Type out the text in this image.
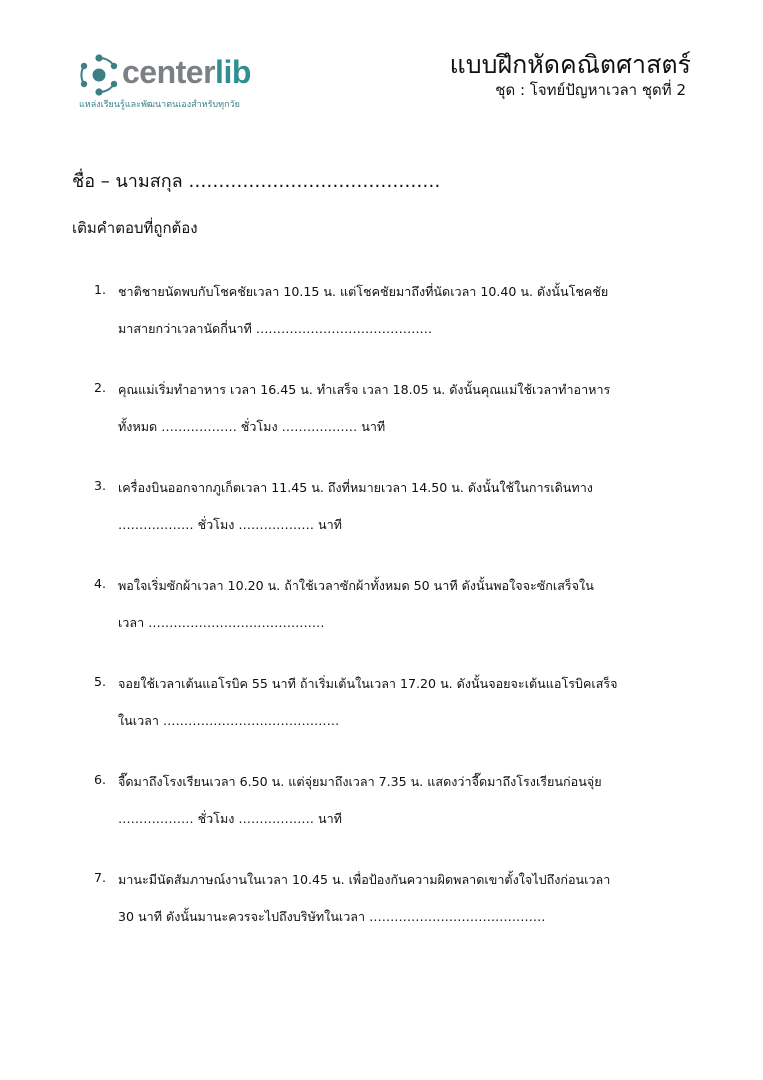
centerlib
แหล่งเรียนรู้และพัฒนาตนเองสำหรับทุกวัย
แบบฝึกหัดคณิตศาสตร์
ชุด : โจทย์ปัญหาเวลา ชุดที่ 2
ชื่อ – นามสกุล ……………………………………
เติมคำตอบที่ถูกต้อง
1. ชาติชายนัดพบกับโชคชัยเวลา 10.15 น. แต่โชคชัยมาถึงที่นัดเวลา 10.40 น. ดังนั้นโชคชัย
มาสายกว่าเวลานัดกี่นาที ……………………………………
2. คุณแม่เริ่มทำอาหาร เวลา 16.45 น. ทำเสร็จ เวลา 18.05 น. ดังนั้นคุณแม่ใช้เวลาทำอาหาร
ทั้งหมด ……………… ชั่วโมง ……………… นาที
3. เครื่องบินออกจากภูเก็ตเวลา 11.45 น. ถึงที่หมายเวลา 14.50 น. ดังนั้นใช้ในการเดินทาง
……………… ชั่วโมง ……………… นาที
4. พอใจเริ่มซักผ้าเวลา 10.20 น. ถ้าใช้เวลาซักผ้าทั้งหมด 50 นาที ดังนั้นพอใจจะซักเสร็จใน
เวลา ……………………………………
5. จอยใช้เวลาเต้นแอโรบิค 55 นาที ถ้าเริ่มเต้นในเวลา 17.20 น. ดังนั้นจอยจะเต้นแอโรบิคเสร็จ
ในเวลา ……………………………………
6. จี๊ดมาถึงโรงเรียนเวลา 6.50 น. แต่จุ่ยมาถึงเวลา 7.35 น. แสดงว่าจี๊ดมาถึงโรงเรียนก่อนจุ่ย
……………… ชั่วโมง ……………… นาที
7. มานะมีนัดสัมภาษณ์งานในเวลา 10.45 น. เพื่อป้องกันความผิดพลาดเขาตั้งใจไปถึงก่อนเวลา
30 นาที ดังนั้นมานะควรจะไปถึงบริษัทในเวลา ……………………………………
